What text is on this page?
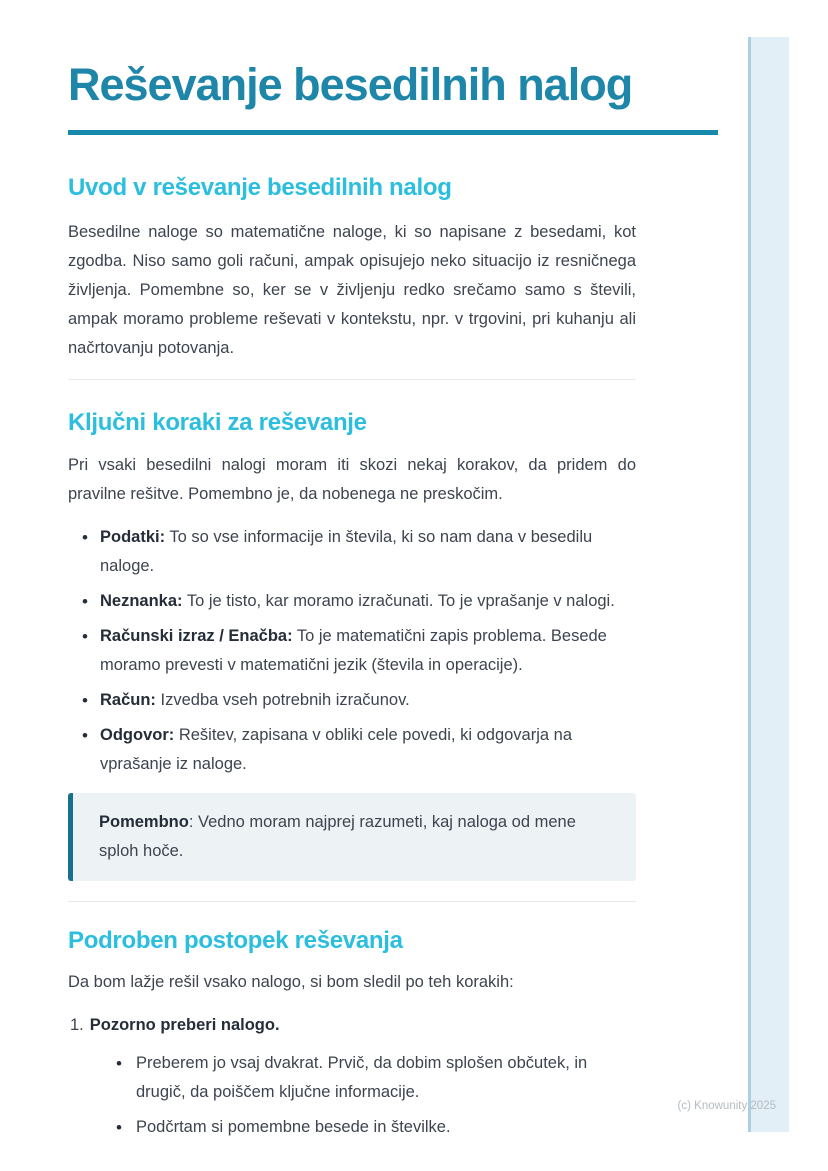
Reševanje besedilnih nalog
Uvod v reševanje besedilnih nalog

Besedilne naloge so matematične naloge, ki so napisane z besedami, kot zgodba. Niso samo goli računi, ampak opisujejo neko situacijo iz resničnega življenja. Pomembne so, ker se v življenju redko srečamo samo s števili, ampak moramo probleme reševati v kontekstu, npr. v trgovini, pri kuhanju ali načrtovanju potovanja.

Ključni koraki za reševanje

Pri vsaki besedilni nalogi moram iti skozi nekaj korakov, da pridem do pravilne rešitve. Pomembno je, da nobenega ne preskočim.

• Podatki: To so vse informacije in števila, ki so nam dana v besedilu naloge.
• Neznanka: To je tisto, kar moramo izračunati. To je vprašanje v nalogi.
• Računski izraz / Enačba: To je matematični zapis problema. Besede moramo prevesti v matematični jezik (števila in operacije).
• Račun: Izvedba vseh potrebnih izračunov.
• Odgovor: Rešitev, zapisana v obliki cele povedi, ki odgovarja na vprašanje iz naloge.
Pomembno: Vedno moram najprej razumeti, kaj naloga od mene sploh hoče.
Podroben postopek reševanja

Da bom lažje rešil vsako nalogo, si bom sledil po teh korakih:

1. Pozorno preberi nalogo.
• Preberem jo vsaj dvakrat. Prvič, da dobim splošen občutek, in drugič, da poiščem ključne informacije.
• Podčrtam si pomembne besede in številke.
(c) Knowunity 2025
